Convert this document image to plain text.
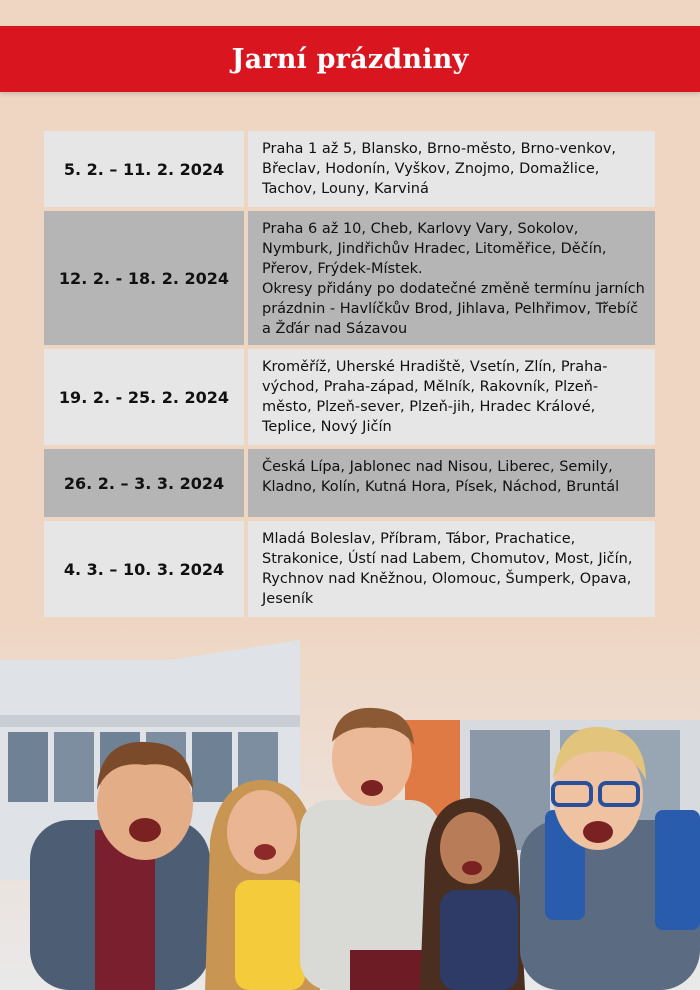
Jarní prázdniny
5. 2. – 11. 2. 2024
Praha 1 až 5, Blansko, Brno-město, Brno-venkov, Břeclav, Hodonín, Vyškov, Znojmo, Domažlice, Tachov, Louny, Karviná
12. 2. - 18. 2. 2024
Praha 6 až 10, Cheb, Karlovy Vary, Sokolov, Nymburk, Jindřichův Hradec, Litoměřice, Děčín, Přerov, Frýdek-Místek.
Okresy přidány po dodatečné změně termínu jarních prázdnin - Havlíčkův Brod, Jihlava, Pelhřimov, Třebíč a Žďár nad Sázavou
19. 2. - 25. 2. 2024
Kroměříž, Uherské Hradiště, Vsetín, Zlín, Praha-východ, Praha-západ, Mělník, Rakovník, Plzeň-město, Plzeň-sever, Plzeň-jih, Hradec Králové, Teplice, Nový Jičín
26. 2. – 3. 3. 2024
Česká Lípa, Jablonec nad Nisou, Liberec, Semily, Kladno, Kolín, Kutná Hora, Písek, Náchod, Bruntál
4. 3. – 10. 3. 2024
Mladá Boleslav, Příbram, Tábor, Prachatice, Strakonice, Ústí nad Labem, Chomutov, Most, Jičín, Rychnov nad Kněžnou, Olomouc, Šumperk, Opava, Jeseník
